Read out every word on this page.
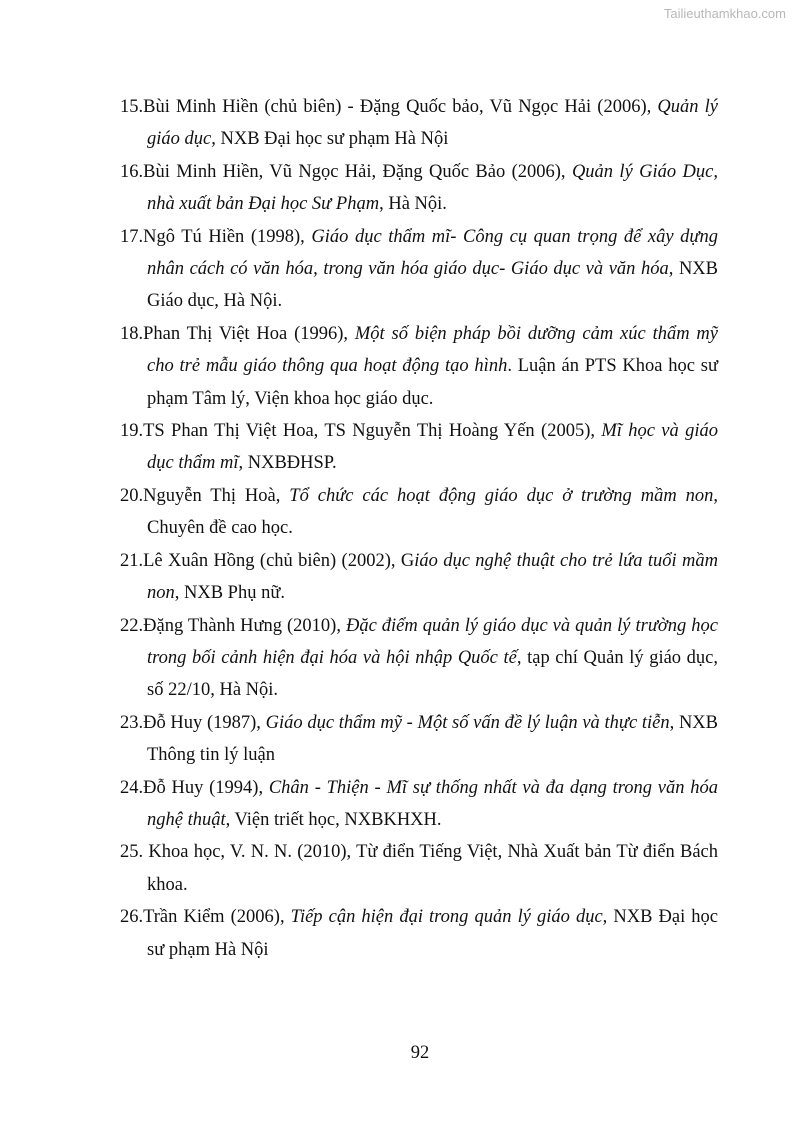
Tailieuthamkhao.com

15.Bùi Minh Hiền (chủ biên) - Đặng Quốc bảo, Vũ Ngọc Hải (2006), Quản lý giáo dục, NXB Đại học sư phạm Hà Nội

16.Bùi Minh Hiền, Vũ Ngọc Hải, Đặng Quốc Bảo (2006), Quản lý Giáo Dục, nhà xuất bản Đại học Sư Phạm, Hà Nội.

17.Ngô Tú Hiền (1998), Giáo dục thẩm mĩ- Công cụ quan trọng để xây dựng nhân cách có văn hóa, trong văn hóa giáo dục- Giáo dục và văn hóa, NXB Giáo dục, Hà Nội.

18.Phan Thị Việt Hoa (1996), Một số biện pháp bồi dưỡng cảm xúc thẩm mỹ cho trẻ mẫu giáo thông qua hoạt động tạo hình. Luận án PTS Khoa học sư phạm Tâm lý, Viện khoa học giáo dục.

19.TS Phan Thị Việt Hoa, TS Nguyễn Thị Hoàng Yến (2005), Mĩ học và giáo dục thẩm mĩ, NXBĐHSP.

20.Nguyễn Thị Hoà, Tổ chức các hoạt động giáo dục ở trường mầm non, Chuyên đề cao học.

21.Lê Xuân Hồng (chủ biên) (2002), Giáo dục nghệ thuật cho trẻ lứa tuổi mầm non, NXB Phụ nữ.

22.Đặng Thành Hưng (2010), Đặc điểm quản lý giáo dục và quản lý trường học trong bối cảnh hiện đại hóa và hội nhập Quốc tế, tạp chí Quản lý giáo dục, số 22/10, Hà Nội.

23.Đỗ Huy (1987), Giáo dục thẩm mỹ - Một số vấn đề lý luận và thực tiễn, NXB Thông tin lý luận

24.Đỗ Huy (1994), Chân - Thiện - Mĩ sự thống nhất và đa dạng trong văn hóa nghệ thuật, Viện triết học, NXBKHXH.

25. Khoa học, V. N. N. (2010), Từ điển Tiếng Việt, Nhà Xuất bản Từ điển Bách khoa.

26.Trần Kiểm (2006), Tiếp cận hiện đại trong quản lý giáo dục, NXB Đại học sư phạm Hà Nội

92
